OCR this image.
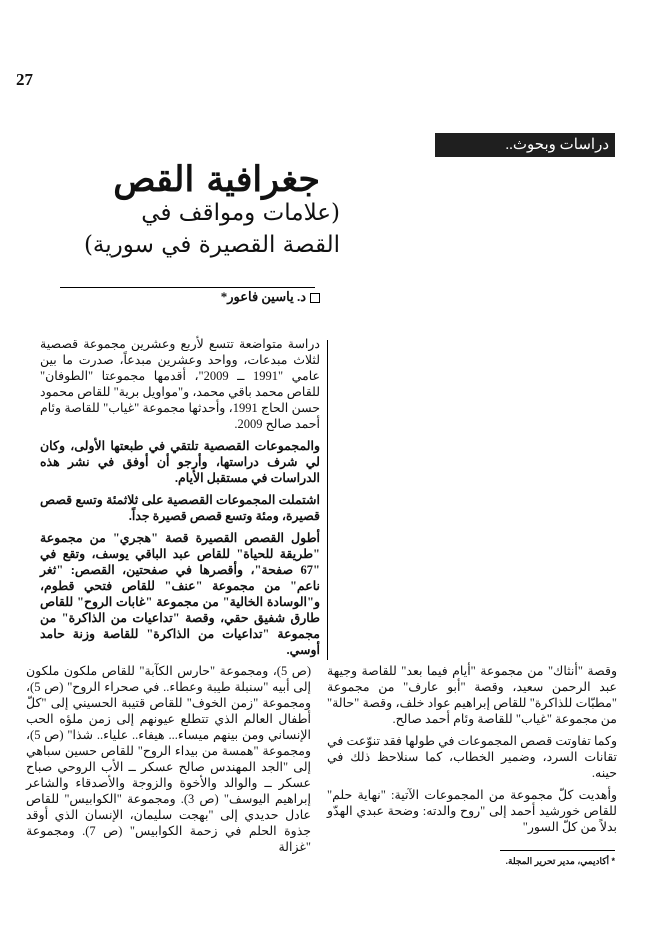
27
دراسات وبحوث..
جغرافية القص
(علامات ومواقف في
القصة القصيرة في سورية)
د. ياسين فاعور*

دراسة متواضعة تتسع لأربع وعشرين مجموعة قصصية لثلاث مبدعات، وواحد وعشرين مبدعاً، صدرت ما بين عامي "1991 ــ 2009"، أقدمها مجموعتا "الطوفان" للقاص محمد باقي محمد، و"مواويل برية" للقاص محمود حسن الحاج 1991، وأحدثها مجموعة "غياب" للقاصة وئام أحمد صالح 2009.

والمجموعات القصصية تلتقي في طبعتها الأولى، وكان لي شرف دراستها، وأرجو أن أوفق في نشر هذه الدراسات في مستقبل الأيام.

اشتملت المجموعات القصصية على ثلاثمئة وتسع قصص قصيرة، ومئة وتسع قصص قصيرة جداً.

أطول القصص القصيرة قصة "هجري" من مجموعة "طريقة للحياة" للقاص عبد الباقي يوسف، وتقع في "67 صفحة"، وأقصرها في صفحتين، القصص: "ثغر ناعم" من مجموعة "عنف" للقاص فتحي قطوم، و"الوسادة الخالية" من مجموعة "غابات الروح" للقاص طارق شفيق حقي، وقصة "تداعيات من الذاكرة" من مجموعة "تداعيات من الذاكرة" للقاصة وزنة حامد أوسي.

وقصة "أنثاك" من مجموعة "أيام فيما بعد" للقاصة وجيهة عبد الرحمن سعيد، وقصة "أبو عارف" من مجموعة "مطبّات للذاكرة" للقاص إبراهيم عواد خلف، وقصة "حالة" من مجموعة "غياب" للقاصة وئام أحمد صالح.

وكما تفاوتت قصص المجموعات في طولها فقد تنوّعت في تقانات السرد، وضمير الخطاب، كما سنلاحظ ذلك في حينه.

وأهديت كلّ مجموعة من المجموعات الآتية: "نهاية حلم" للقاص خورشيد أحمد إلى "روح والدته: وضحة عبدي الهدّو بدلاً من كلّ السور"

(ص 5)، ومجموعة "حارس الكآبة" للقاص ملكون ملكون إلى أبيه "سنبلة طيبة وعطاء.. في صحراء الروح" (ص 5)، ومجموعة "زمن الخوف" للقاص قتيبة الحسيني إلى "كلّ أطفال العالم الذي تتطلع عيونهم إلى زمن ملؤه الحب الإنساني ومن بينهم ميساء... هيفاء.. علياء.. شذا" (ص 5)، ومجموعة "همسة من بيداء الروح" للقاص حسين سباهي إلى "الجد المهندس صالح عسكر ــ الأب الروحي صباح عسكر ــ والوالد والأخوة والزوجة والأصدقاء والشاعر إبراهيم اليوسف" (ص 3). ومجموعة "الكوابيس" للقاص عادل حديدي إلى "بهجت سليمان، الإنسان الذي أوقد جذوة الحلم في زحمة الكوابيس" (ص 7). ومجموعة "غزالة

* أكاديمي، مدير تحرير المجلة.
